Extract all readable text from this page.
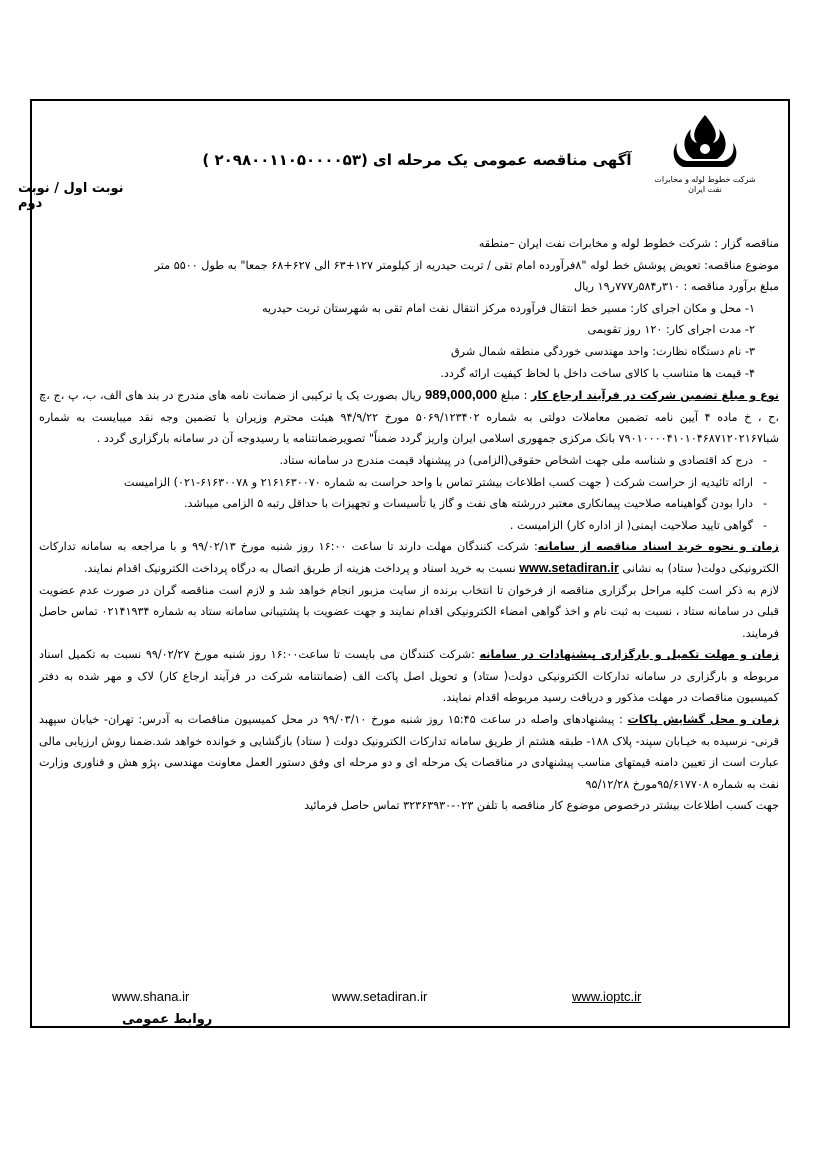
شرکت خطوط لوله و مخابرات نفت ایران
آگهی مناقصه عمومی یک مرحله ای (۲۰۹۸۰۰۱۱۰۵۰۰۰۰۵۳ )
نوبت اول / نوبت دوم

مناقصه گزار : شرکت خطوط لوله و مخابرات نفت ایران –منطقه

موضوع مناقصه: تعویض پوشش خط لوله "۸فرآورده امام تقی / تربت حیدریه از کیلومتر ۱۲۷+۶۳ الی ۶۲۷+۶۸ جمعا" به طول ۵۵۰۰ متر

مبلغ برآورد مناقصه : ۳۱۰ر۵۸۴ر۷۷۷ر۱۹ ریال

۱- محل و مکان اجرای کار: مسیر خط انتقال فرآورده مرکز انتقال نفت امام تقی به شهرستان تربت حیدریه

۲- مدت اجرای کار: ۱۲۰ روز تقویمی

۳- نام دستگاه نظارت: واحد مهندسی خوردگی منطقه شمال شرق

۴- قیمت ها متناسب با کالای ساخت داخل با لحاظ کیفیت ارائه گردد.

نوع و مبلغ تضمین شرکت در فرآیند ارجاع کار : مبلغ 989,000,000 ریال بصورت یک یا ترکیبی از ضمانت نامه های مندرج در بند های الف، ب، پ ،ج ،چ ،ح ، خ ماده ۴ آیین نامه تضمین معاملات دولتی به شماره ۵۰۶۹/۱۲۳۴۰۲ مورخ ۹۴/۹/۲۲ هیئت محترم وزیران یا تضمین وجه نقد میبایست به شماره شبا۷۹۰۱۰۰۰۰۴۱۰۱۰۴۶۸۷۱۲۰۲۱۶۷ بانک مرکزی جمهوری اسلامی ایران واریز گردد ضمناً" تصویرضمانتنامه یا رسیدوجه آن در سامانه بارگزاری گردد .

- درج کد اقتصادی و شناسه ملی جهت اشخاص حقوقی(الزامی) در پیشنهاد قیمت مندرج در سامانه ستاد.

- ارائه تائیدیه از حراست شرکت ( جهت کسب اطلاعات بیشتر تماس با واحد حراست به شماره ۲۱۶۱۶۳۰۰۷۰ و ۶۱۶۳۰۰۷۸-۰۲۱) الزامیست

- دارا بودن گواهینامه صلاحیت پیمانکاری معتبر دررشته های نفت و گاز یا تأسیسات و تجهیزات با حداقل رتبه ۵ الزامی میباشد.

- گواهی تایید صلاحیت ایمنی( از اداره کار) الزامیست .

زمان و نحوه خرید اسناد مناقصه از سامانه: شرکت کنندگان مهلت دارند تا ساعت ۱۶:۰۰ روز شنبه مورخ ۹۹/۰۲/۱۳ و با مراجعه به سامانه تدارکات الکترونیکی دولت( ستاد) به نشانی www.setadiran.ir نسبت به خرید اسناد و پرداخت هزینه از طریق اتصال به درگاه پرداخت الکترونیک اقدام نمایند.

لازم به ذکر است کلیه مراحل برگزاری مناقصه از فرخوان تا انتخاب برنده از سایت مزبور انجام خواهد شد و لازم است مناقصه گران در صورت عدم عضویت قبلی در سامانه ستاد ، نسبت به ثبت نام و اخذ گواهی امضاء الکترونیکی اقدام نمایند و جهت عضویت با پشتیبانی سامانه ستاد به شماره ۰۲۱۴۱۹۳۴ تماس حاصل فرمایند.

زمان و مهلت تکمیل و بارگزاری پیشنهادات در سامانه :شرکت کنندگان می بایست تا ساعت۱۶:۰۰ روز شنبه مورخ ۹۹/۰۲/۲۷ نسبت به تکمیل اسناد مربوطه و بارگزاری در سامانه تدارکات الکترونیکی دولت( ستاد) و تحویل اصل پاکت الف (ضمانتنامه شرکت در فرآیند ارجاع کار) لاک و مهر شده به دفتر کمیسیون مناقصات در مهلت مذکور و دریافت رسید مربوطه اقدام نمایند.

زمان و محل گشایش پاکات : پیشنهادهای واصله در ساعت ۱۵:۴۵ روز شنبه مورخ ۹۹/۰۳/۱۰ در محل کمیسیون مناقصات به آدرس: تهران- خیابان سپهبد قرنی- نرسیده به خیـابان سپند- پلاک ۱۸۸- طبقه هشتم از طریق سامانه تدارکات الکترونیک دولت ( ستاد) بازگشایی و خوانده خواهد شد.ضمنا روش ارزیابی مالی عبارت است از تعیین دامنه قیمتهای مناسب پیشنهادی در مناقصات یک مرحله ای و دو مرحله ای وفق دستور العمل معاونت مهندسی ،پژو هش و فناوری وزارت نفت به شماره ۹۵/۶۱۷۷۰۸مورخ ۹۵/۱۲/۲۸

جهت کسب اطلاعات بیشتر درخصوص موضوع کار مناقصه با تلفن ۰۲۳-۳۲۳۶۳۹۳۰ تماس حاصل فرمائید

www.shana.ir	www.setadiran.ir	www.ioptc.ir
روابط عمومی
